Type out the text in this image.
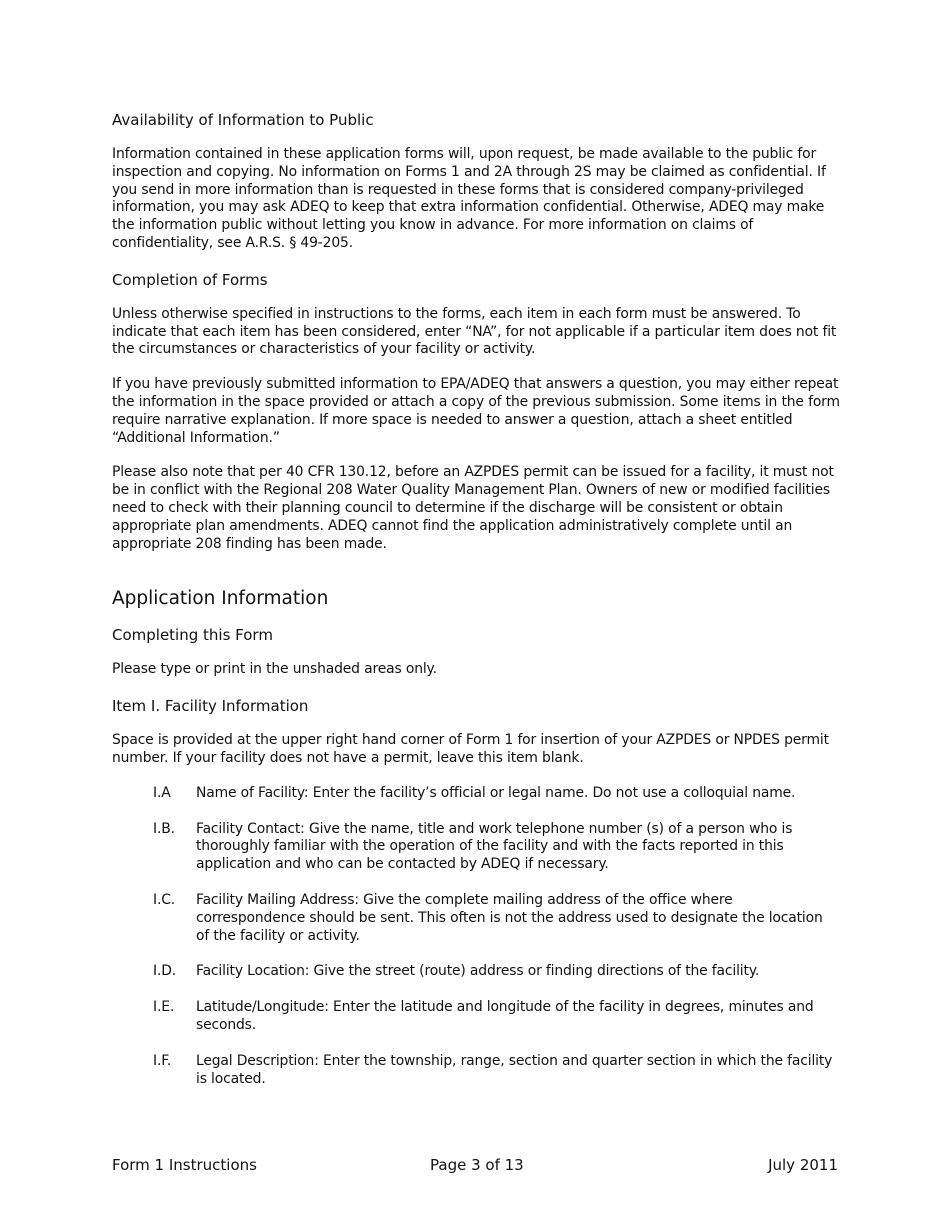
Availability of Information to Public

Information contained in these application forms will, upon request, be made available to the public for inspection and copying. No information on Forms 1 and 2A through 2S may be claimed as confidential. If you send in more information than is requested in these forms that is considered company-privileged information, you may ask ADEQ to keep that extra information confidential. Otherwise, ADEQ may make the information public without letting you know in advance. For more information on claims of confidentiality, see A.R.S. § 49-205.

Completion of Forms

Unless otherwise specified in instructions to the forms, each item in each form must be answered. To indicate that each item has been considered, enter “NA”, for not applicable if a particular item does not fit the circumstances or characteristics of your facility or activity.

If you have previously submitted information to EPA/ADEQ that answers a question, you may either repeat the information in the space provided or attach a copy of the previous submission. Some items in the form require narrative explanation. If more space is needed to answer a question, attach a sheet entitled “Additional Information.”

Please also note that per 40 CFR 130.12, before an AZPDES permit can be issued for a facility, it must not be in conflict with the Regional 208 Water Quality Management Plan. Owners of new or modified facilities need to check with their planning council to determine if the discharge will be consistent or obtain appropriate plan amendments. ADEQ cannot find the application administratively complete until an appropriate 208 finding has been made.

Application Information

Completing this Form

Please type or print in the unshaded areas only.

Item I. Facility Information

Space is provided at the upper right hand corner of Form 1 for insertion of your AZPDES or NPDES permit number. If your facility does not have a permit, leave this item blank.

I.A	Name of Facility: Enter the facility’s official or legal name. Do not use a colloquial name.
I.B.	Facility Contact: Give the name, title and work telephone number (s) of a person who is thoroughly familiar with the operation of the facility and with the facts reported in this application and who can be contacted by ADEQ if necessary.
I.C.	Facility Mailing Address: Give the complete mailing address of the office where correspondence should be sent. This often is not the address used to designate the location of the facility or activity.
I.D.	Facility Location: Give the street (route) address or finding directions of the facility.
I.E.	Latitude/Longitude: Enter the latitude and longitude of the facility in degrees, minutes and seconds.
I.F.	Legal Description: Enter the township, range, section and quarter section in which the facility is located.
Form 1 Instructions	Page 3 of 13	July 2011
